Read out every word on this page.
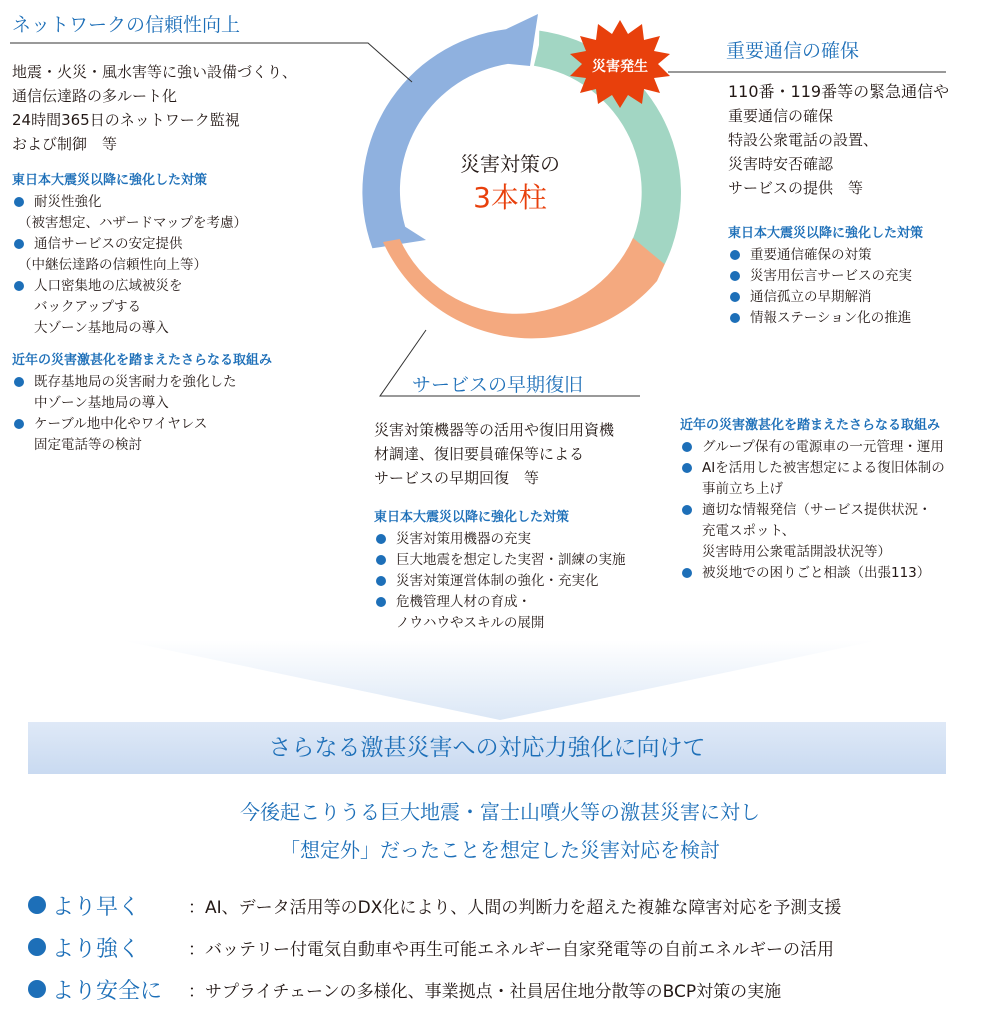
災害発生
災害対策の
3本柱
ネットワークの信頼性向上
地震・火災・風水害等に強い設備づくり、
通信伝達路の多ルート化
24時間365日のネットワーク監視
および制御　等
東日本大震災以降に強化した対策
耐災性強化
（被害想定、ハザードマップを考慮）
通信サービスの安定提供
（中継伝達路の信頼性向上等）
人口密集地の広域被災を
バックアップする
大ゾーン基地局の導入
近年の災害激甚化を踏まえたさらなる取組み
既存基地局の災害耐力を強化した
中ゾーン基地局の導入
ケーブル地中化やワイヤレス
固定電話等の検討
重要通信の確保
110番・119番等の緊急通信や
重要通信の確保
特設公衆電話の設置、
災害時安否確認
サービスの提供　等
東日本大震災以降に強化した対策
重要通信確保の対策
災害用伝言サービスの充実
通信孤立の早期解消
情報ステーション化の推進
サービスの早期復旧
災害対策機器等の活用や復旧用資機
材調達、復旧要員確保等による
サービスの早期回復　等
東日本大震災以降に強化した対策
災害対策用機器の充実
巨大地震を想定した実習・訓練の実施
災害対策運営体制の強化・充実化
危機管理人材の育成・
ノウハウやスキルの展開
近年の災害激甚化を踏まえたさらなる取組み
グループ保有の電源車の一元管理・運用
AIを活用した被害想定による復旧体制の
事前立ち上げ
適切な情報発信（サービス提供状況・
充電スポット、
災害時用公衆電話開設状況等）
被災地での困りごと相談（出張113）
さらなる激甚災害への対応力強化に向けて
今後起こりうる巨大地震・富士山噴火等の激甚災害に対し
「想定外」だったことを想定した災害対応を検討
より早く	：AI、データ活用等のDX化により、人間の判断力を超えた複雑な障害対応を予測支援
より強く	：バッテリー付電気自動車や再生可能エネルギー自家発電等の自前エネルギーの活用
より安全に ：サプライチェーンの多様化、事業拠点・社員居住地分散等のBCP対策の実施
